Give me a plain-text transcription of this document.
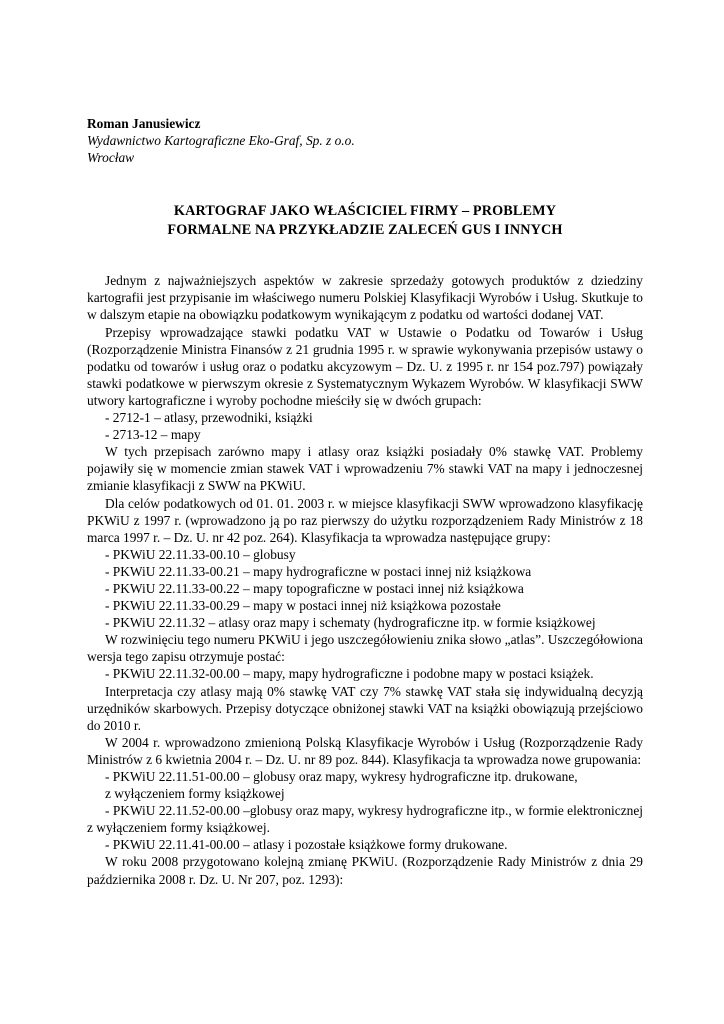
Roman Janusiewicz
Wydawnictwo Kartograficzne Eko-Graf, Sp. z o.o.
Wrocław
KARTOGRAF JAKO WŁAŚCICIEL FIRMY – PROBLEMY
FORMALNE NA PRZYKŁADZIE ZALECEŃ GUS I INNYCH

Jednym z najważniejszych aspektów w zakresie sprzedaży gotowych produktów z dziedziny kartografii jest przypisanie im właściwego numeru Polskiej Klasyfikacji Wyrobów i Usług. Skutkuje to w dalszym etapie na obowiązku podatkowym wynikającym z podatku od wartości dodanej VAT.

Przepisy wprowadzające stawki podatku VAT w Ustawie o Podatku od Towarów i Usług (Rozporządzenie Ministra Finansów z 21 grudnia 1995 r. w sprawie wykonywania przepisów ustawy o podatku od towarów i usług oraz o podatku akcyzowym – Dz. U. z 1995 r. nr 154 poz.797) powiązały stawki podatkowe w pierwszym okresie z Systematycznym Wykazem Wyrobów. W klasyfikacji SWW utwory kartograficzne i wyroby pochodne mieściły się w dwóch grupach:

- 2712-1 – atlasy, przewodniki, książki
- 2713-12 – mapy

W tych przepisach zarówno mapy i atlasy oraz książki posiadały 0% stawkę VAT. Problemy pojawiły się w momencie zmian stawek VAT i wprowadzeniu 7% stawki VAT na mapy i jednoczesnej zmianie klasyfikacji z SWW na PKWiU.

Dla celów podatkowych od 01. 01. 2003 r. w miejsce klasyfikacji SWW wprowadzono klasyfikację PKWiU z 1997 r. (wprowadzono ją po raz pierwszy do użytku rozporządzeniem Rady Ministrów z 18 marca 1997 r. – Dz. U. nr 42 poz. 264). Klasyfikacja ta wprowadza następujące grupy:

- PKWiU 22.11.33-00.10 – globusy
- PKWiU 22.11.33-00.21 – mapy hydrograficzne w postaci innej niż książkowa
- PKWiU 22.11.33-00.22 – mapy topograficzne w postaci innej niż książkowa
- PKWiU 22.11.33-00.29 – mapy w postaci innej niż książkowa pozostałe
- PKWiU 22.11.32 – atlasy oraz mapy i schematy (hydrograficzne itp. w formie książkowej

W rozwinięciu tego numeru PKWiU i jego uszczegółowieniu znika słowo „atlas”. Uszczegółowiona wersja tego zapisu otrzymuje postać:

- PKWiU 22.11.32-00.00 – mapy, mapy hydrograficzne i podobne mapy w postaci książek.

Interpretacja czy atlasy mają 0% stawkę VAT czy 7% stawkę VAT stała się indywidualną decyzją urzędników skarbowych. Przepisy dotyczące obniżonej stawki VAT na książki obowiązują przejściowo do 2010 r.

W 2004 r. wprowadzono zmienioną Polską Klasyfikacje Wyrobów i Usług (Rozporządzenie Rady Ministrów z 6 kwietnia 2004 r. – Dz. U. nr 89 poz. 844). Klasyfikacja ta wprowadza nowe grupowania:

- PKWiU 22.11.51-00.00 – globusy oraz mapy, wykresy hydrograficzne itp. drukowane,
z wyłączeniem formy książkowej

- PKWiU 22.11.52-00.00 –globusy oraz mapy, wykresy hydrograficzne itp., w formie elektronicznej z wyłączeniem formy książkowej.

- PKWiU 22.11.41-00.00 – atlasy i pozostałe książkowe formy drukowane.

W roku 2008 przygotowano kolejną zmianę PKWiU. (Rozporządzenie Rady Ministrów z dnia 29 października 2008 r. Dz. U. Nr 207, poz. 1293):
